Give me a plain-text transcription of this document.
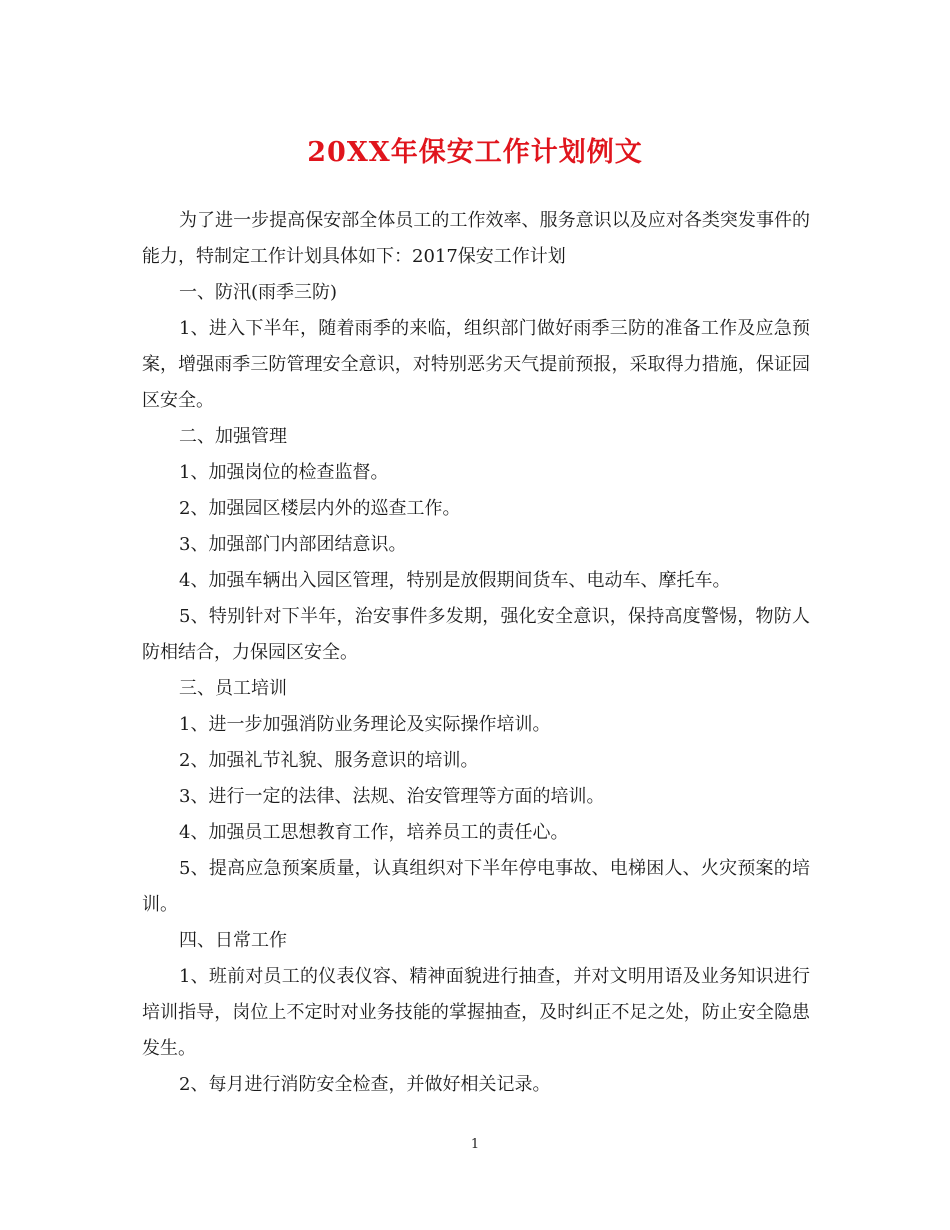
20XX年保安工作计划例文

为了进一步提高保安部全体员工的工作效率、服务意识以及应对各类突发事件的能力，特制定工作计划具体如下：2017保安工作计划

一、防汛(雨季三防)

1、进入下半年，随着雨季的来临，组织部门做好雨季三防的准备工作及应急预案，增强雨季三防管理安全意识，对特别恶劣天气提前预报，采取得力措施，保证园区安全。

二、加强管理

1、加强岗位的检查监督。

2、加强园区楼层内外的巡查工作。

3、加强部门内部团结意识。

4、加强车辆出入园区管理，特别是放假期间货车、电动车、摩托车。

5、特别针对下半年，治安事件多发期，强化安全意识，保持高度警惕，物防人防相结合，力保园区安全。

三、员工培训

1、进一步加强消防业务理论及实际操作培训。

2、加强礼节礼貌、服务意识的培训。

3、进行一定的法律、法规、治安管理等方面的培训。

4、加强员工思想教育工作，培养员工的责任心。

5、提高应急预案质量，认真组织对下半年停电事故、电梯困人、火灾预案的培训。

四、日常工作

1、班前对员工的仪表仪容、精神面貌进行抽查，并对文明用语及业务知识进行培训指导，岗位上不定时对业务技能的掌握抽查，及时纠正不足之处，防止安全隐患发生。

2、每月进行消防安全检查，并做好相关记录。

1
